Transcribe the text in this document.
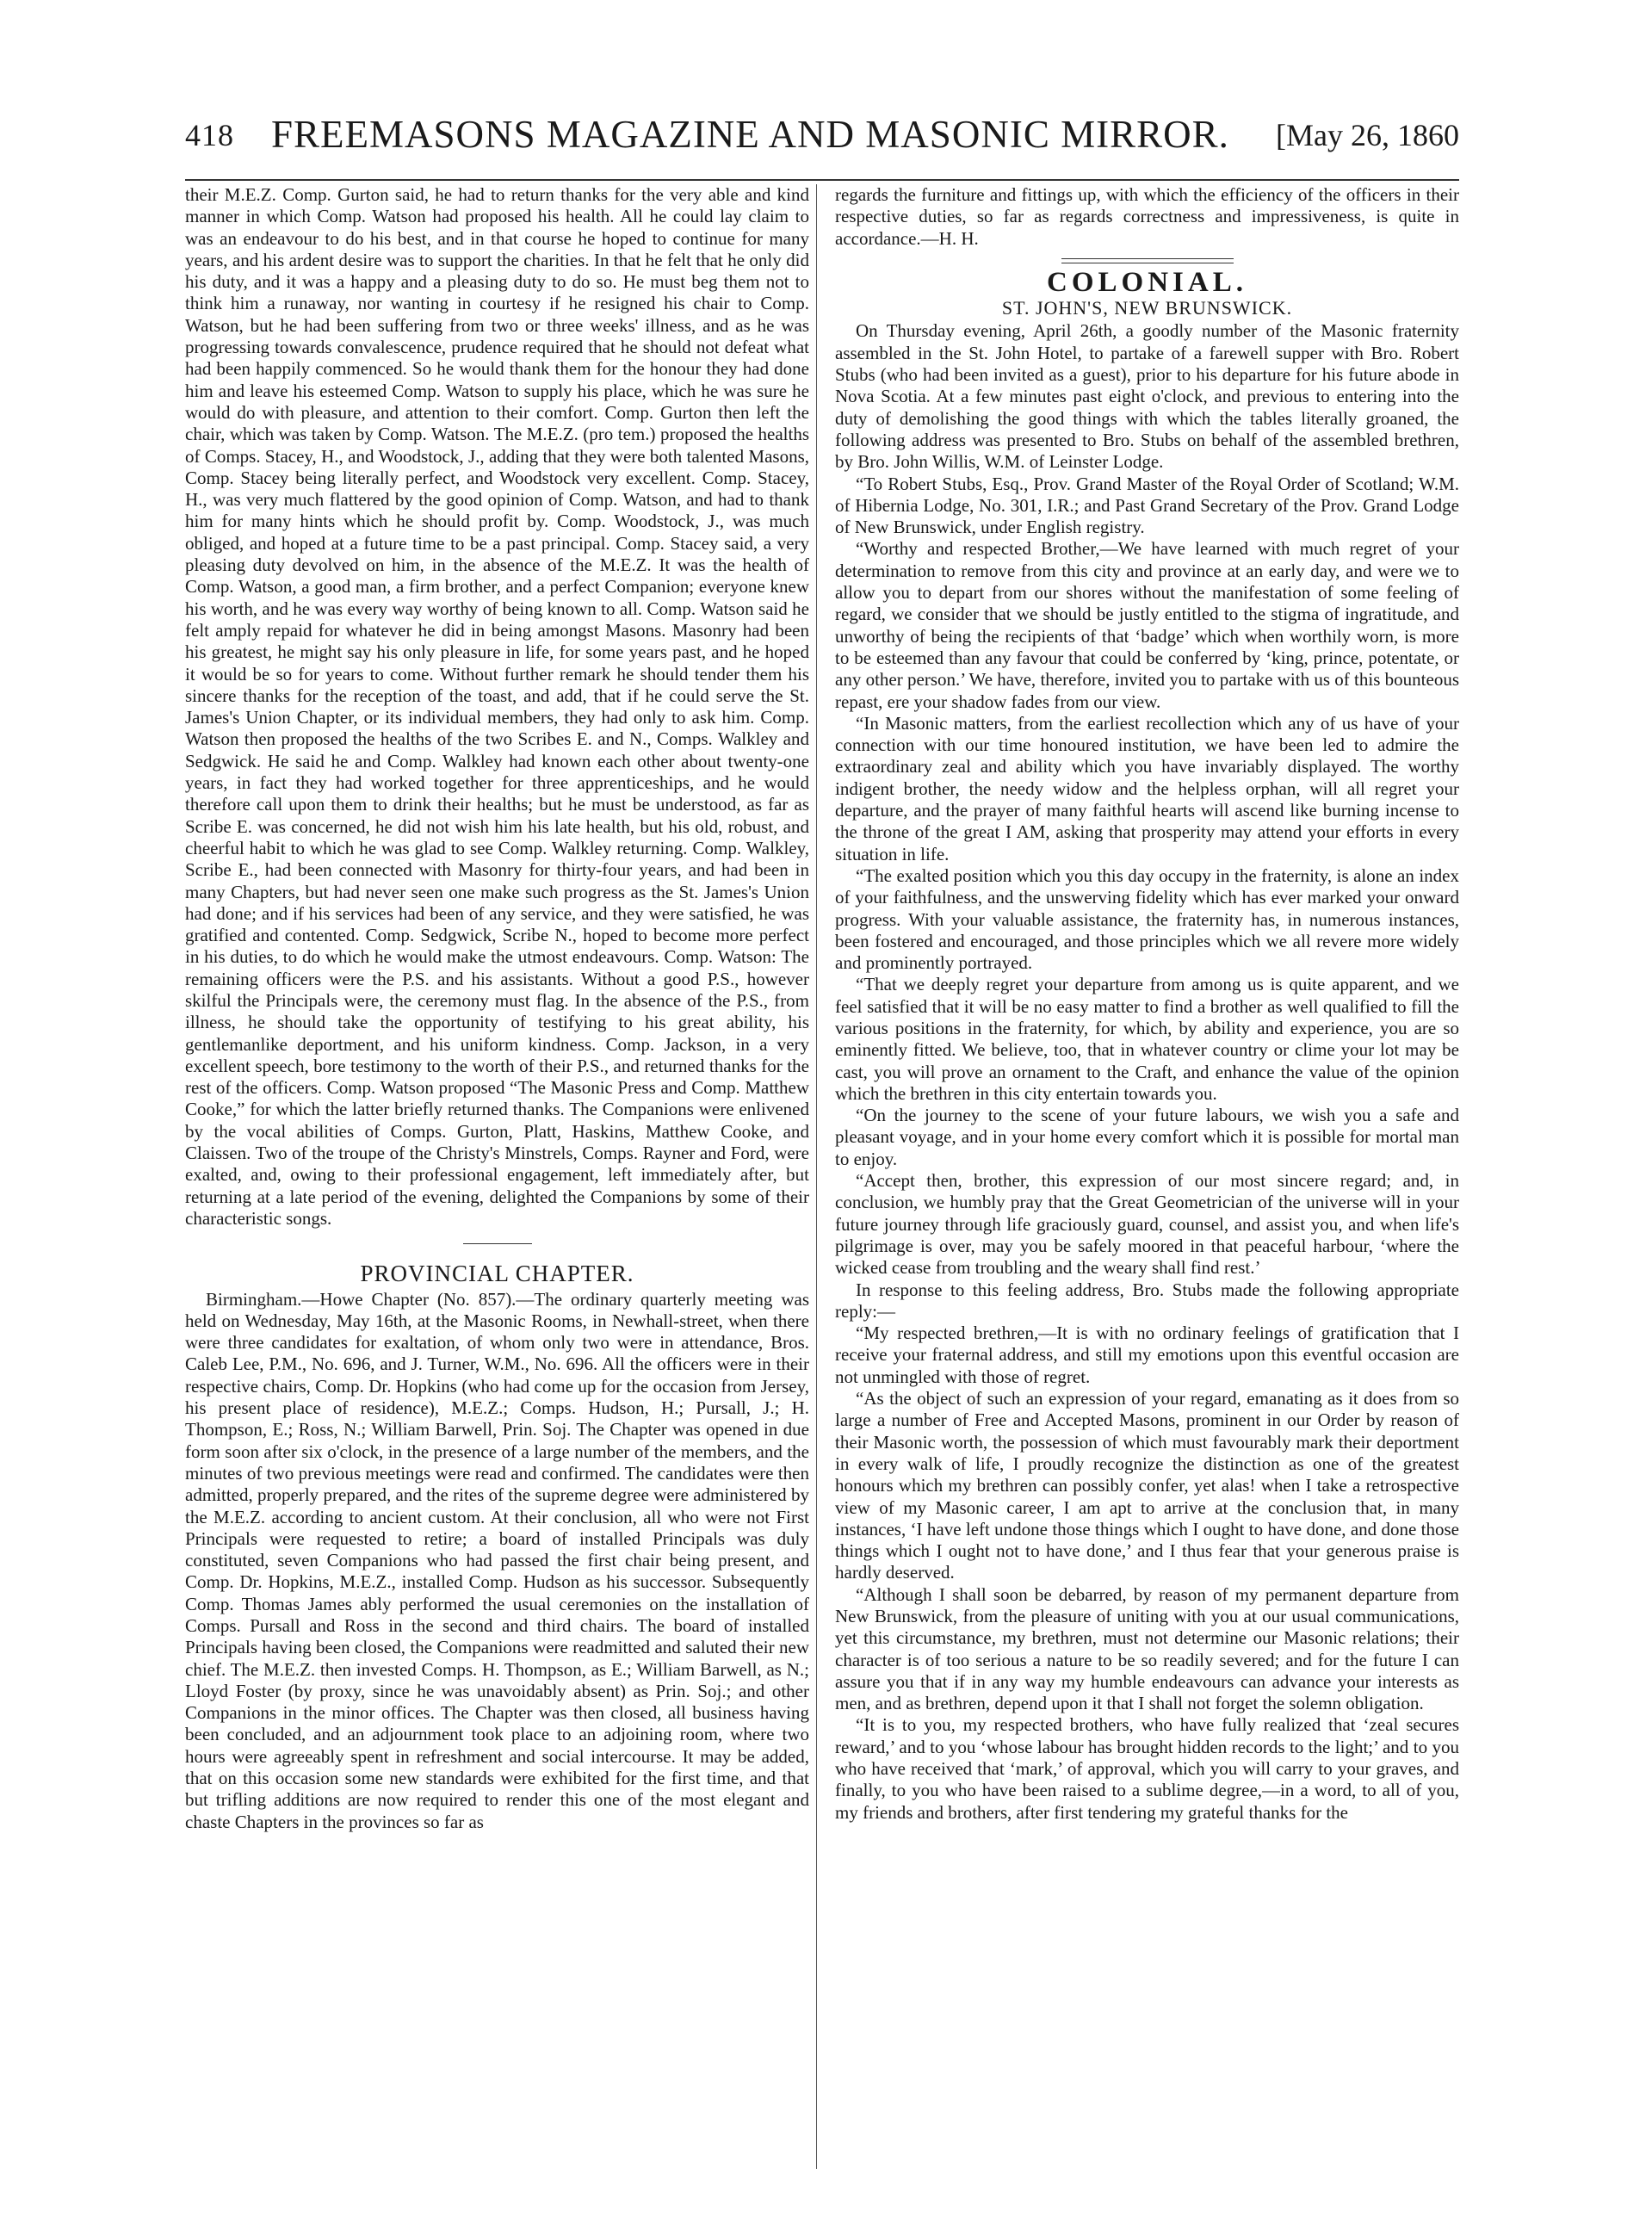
418 FREEMASONS MAGAZINE AND MASONIC MIRROR. [May 26, 1860

their M.E.Z. Comp. Gurton said, he had to return thanks for the very able and kind manner in which Comp. Watson had proposed his health. All he could lay claim to was an endeavour to do his best, and in that course he hoped to continue for many years, and his ardent desire was to support the charities. In that he felt that he only did his duty, and it was a happy and a pleasing duty to do so. He must beg them not to think him a runaway, nor wanting in courtesy if he resigned his chair to Comp. Watson, but he had been suffering from two or three weeks' illness, and as he was progressing towards convalescence, prudence required that he should not defeat what had been happily commenced. So he would thank them for the honour they had done him and leave his esteemed Comp. Watson to supply his place, which he was sure he would do with pleasure, and attention to their comfort. Comp. Gurton then left the chair, which was taken by Comp. Watson. The M.E.Z. (pro tem.) proposed the healths of Comps. Stacey, H., and Woodstock, J., adding that they were both talented Masons, Comp. Stacey being literally perfect, and Woodstock very excellent. Comp. Stacey, H., was very much flattered by the good opinion of Comp. Watson, and had to thank him for many hints which he should profit by. Comp. Woodstock, J., was much obliged, and hoped at a future time to be a past principal. Comp. Stacey said, a very pleasing duty devolved on him, in the absence of the M.E.Z. It was the health of Comp. Watson, a good man, a firm brother, and a perfect Companion; everyone knew his worth, and he was every way worthy of being known to all. Comp. Watson said he felt amply repaid for whatever he did in being amongst Masons. Masonry had been his greatest, he might say his only pleasure in life, for some years past, and he hoped it would be so for years to come. Without further remark he should tender them his sincere thanks for the reception of the toast, and add, that if he could serve the St. James's Union Chapter, or its individual members, they had only to ask him. Comp. Watson then proposed the healths of the two Scribes E. and N., Comps. Walkley and Sedgwick. He said he and Comp. Walkley had known each other about twenty-one years, in fact they had worked together for three apprenticeships, and he would therefore call upon them to drink their healths; but he must be understood, as far as Scribe E. was concerned, he did not wish him his late health, but his old, robust, and cheerful habit to which he was glad to see Comp. Walkley returning. Comp. Walkley, Scribe E., had been connected with Masonry for thirty-four years, and had been in many Chapters, but had never seen one make such progress as the St. James's Union had done; and if his services had been of any service, and they were satisfied, he was gratified and contented. Comp. Sedgwick, Scribe N., hoped to become more perfect in his duties, to do which he would make the utmost endeavours. Comp. Watson: The remaining officers were the P.S. and his assistants. Without a good P.S., however skilful the Principals were, the ceremony must flag. In the absence of the P.S., from illness, he should take the opportunity of testifying to his great ability, his gentlemanlike deportment, and his uniform kindness. Comp. Jackson, in a very excellent speech, bore testimony to the worth of their P.S., and returned thanks for the rest of the officers. Comp. Watson proposed “The Masonic Press and Comp. Matthew Cooke,” for which the latter briefly returned thanks. The Companions were enlivened by the vocal abilities of Comps. Gurton, Platt, Haskins, Matthew Cooke, and Claissen. Two of the troupe of the Christy's Minstrels, Comps. Rayner and Ford, were exalted, and, owing to their professional engagement, left immediately after, but returning at a late period of the evening, delighted the Companions by some of their characteristic songs.

PROVINCIAL CHAPTER.

Birmingham.—Howe Chapter (No. 857).—The ordinary quarterly meeting was held on Wednesday, May 16th, at the Masonic Rooms, in Newhall-street, when there were three candidates for exaltation, of whom only two were in attendance, Bros. Caleb Lee, P.M., No. 696, and J. Turner, W.M., No. 696. All the officers were in their respective chairs, Comp. Dr. Hopkins (who had come up for the occasion from Jersey, his present place of residence), M.E.Z.; Comps. Hudson, H.; Pursall, J.; H. Thompson, E.; Ross, N.; William Barwell, Prin. Soj. The Chapter was opened in due form soon after six o'clock, in the presence of a large number of the members, and the minutes of two previous meetings were read and confirmed. The candidates were then admitted, properly prepared, and the rites of the supreme degree were administered by the M.E.Z. according to ancient custom. At their conclusion, all who were not First Principals were requested to retire; a board of installed Principals was duly constituted, seven Companions who had passed the first chair being present, and Comp. Dr. Hopkins, M.E.Z., installed Comp. Hudson as his successor. Subsequently Comp. Thomas James ably performed the usual ceremonies on the installation of Comps. Pursall and Ross in the second and third chairs. The board of installed Principals having been closed, the Companions were readmitted and saluted their new chief. The M.E.Z. then invested Comps. H. Thompson, as E.; William Barwell, as N.; Lloyd Foster (by proxy, since he was unavoidably absent) as Prin. Soj.; and other Companions in the minor offices. The Chapter was then closed, all business having been concluded, and an adjournment took place to an adjoining room, where two hours were agreeably spent in refreshment and social intercourse. It may be added, that on this occasion some new standards were exhibited for the first time, and that but trifling additions are now required to render this one of the most elegant and chaste Chapters in the provinces so far as

regards the furniture and fittings up, with which the efficiency of the officers in their respective duties, so far as regards correctness and impressiveness, is quite in accordance.—H. H.

COLONIAL.

ST. JOHN'S, NEW BRUNSWICK.

On Thursday evening, April 26th, a goodly number of the Masonic fraternity assembled in the St. John Hotel, to partake of a farewell supper with Bro. Robert Stubs (who had been invited as a guest), prior to his departure for his future abode in Nova Scotia. At a few minutes past eight o'clock, and previous to entering into the duty of demolishing the good things with which the tables literally groaned, the following address was presented to Bro. Stubs on behalf of the assembled brethren, by Bro. John Willis, W.M. of Leinster Lodge.

“To Robert Stubs, Esq., Prov. Grand Master of the Royal Order of Scotland; W.M. of Hibernia Lodge, No. 301, I.R.; and Past Grand Secretary of the Prov. Grand Lodge of New Brunswick, under English registry.

“Worthy and respected Brother,—We have learned with much regret of your determination to remove from this city and province at an early day, and were we to allow you to depart from our shores without the manifestation of some feeling of regard, we consider that we should be justly entitled to the stigma of ingratitude, and unworthy of being the recipients of that ‘badge’ which when worthily worn, is more to be esteemed than any favour that could be conferred by ‘king, prince, potentate, or any other person.’ We have, therefore, invited you to partake with us of this bounteous repast, ere your shadow fades from our view.

“In Masonic matters, from the earliest recollection which any of us have of your connection with our time honoured institution, we have been led to admire the extraordinary zeal and ability which you have invariably displayed. The worthy indigent brother, the needy widow and the helpless orphan, will all regret your departure, and the prayer of many faithful hearts will ascend like burning incense to the throne of the great I AM, asking that prosperity may attend your efforts in every situation in life.

“The exalted position which you this day occupy in the fraternity, is alone an index of your faithfulness, and the unswerving fidelity which has ever marked your onward progress. With your valuable assistance, the fraternity has, in numerous instances, been fostered and encouraged, and those principles which we all revere more widely and prominently portrayed.

“That we deeply regret your departure from among us is quite apparent, and we feel satisfied that it will be no easy matter to find a brother as well qualified to fill the various positions in the fraternity, for which, by ability and experience, you are so eminently fitted. We believe, too, that in whatever country or clime your lot may be cast, you will prove an ornament to the Craft, and enhance the value of the opinion which the brethren in this city entertain towards you.

“On the journey to the scene of your future labours, we wish you a safe and pleasant voyage, and in your home every comfort which it is possible for mortal man to enjoy.

“Accept then, brother, this expression of our most sincere regard; and, in conclusion, we humbly pray that the Great Geometrician of the universe will in your future journey through life graciously guard, counsel, and assist you, and when life's pilgrimage is over, may you be safely moored in that peaceful harbour, ‘where the wicked cease from troubling and the weary shall find rest.’

In response to this feeling address, Bro. Stubs made the following appropriate reply:—

“My respected brethren,—It is with no ordinary feelings of gratification that I receive your fraternal address, and still my emotions upon this eventful occasion are not unmingled with those of regret.

“As the object of such an expression of your regard, emanating as it does from so large a number of Free and Accepted Masons, prominent in our Order by reason of their Masonic worth, the possession of which must favourably mark their deportment in every walk of life, I proudly recognize the distinction as one of the greatest honours which my brethren can possibly confer, yet alas! when I take a retrospective view of my Masonic career, I am apt to arrive at the conclusion that, in many instances, ‘I have left undone those things which I ought to have done, and done those things which I ought not to have done,’ and I thus fear that your generous praise is hardly deserved.

“Although I shall soon be debarred, by reason of my permanent departure from New Brunswick, from the pleasure of uniting with you at our usual communications, yet this circumstance, my brethren, must not determine our Masonic relations; their character is of too serious a nature to be so readily severed; and for the future I can assure you that if in any way my humble endeavours can advance your interests as men, and as brethren, depend upon it that I shall not forget the solemn obligation.

“It is to you, my respected brothers, who have fully realized that ‘zeal secures reward,’ and to you ‘whose labour has brought hidden records to the light;’ and to you who have received that ‘mark,’ of approval, which you will carry to your graves, and finally, to you who have been raised to a sublime degree,—in a word, to all of you, my friends and brothers, after first tendering my grateful thanks for the
